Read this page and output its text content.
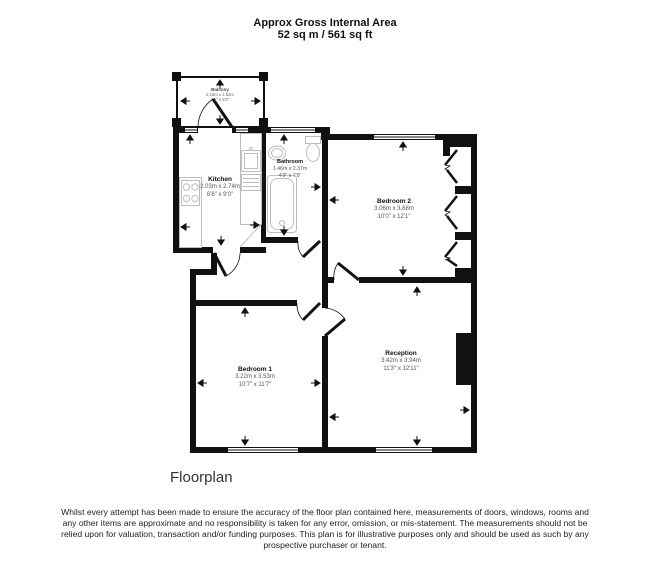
Approx Gross Internal Area
52 sq m / 561 sq ft
Balcony
2.16m x 1.52m
7'1" x 5'0"
Kitchen
2.03m x 2.74m
6'8" x 9'0"
Bathroom
1.46m x 2.37m
4'9" x 7'9"
Bedroom 2
3.06m x 3.68m
10'0" x 12'1"
Bedroom 1
3.22m x 3.53m
10'7" x 11'7"
Reception
3.42m x 3.94m
11'3" x 12'11"
Floorplan
Whilst every attempt has been made to ensure the accuracy of the floor plan contained here, measurements of doors, windows, rooms and
any other items are approximate and no responsibility is taken for any error, omission, or mis-statement. The measurements should not be
relied upon for valuation, transaction and/or funding purposes. This plan is for illustrative purposes only and should be used as such by any
prospective purchaser or tenant.
